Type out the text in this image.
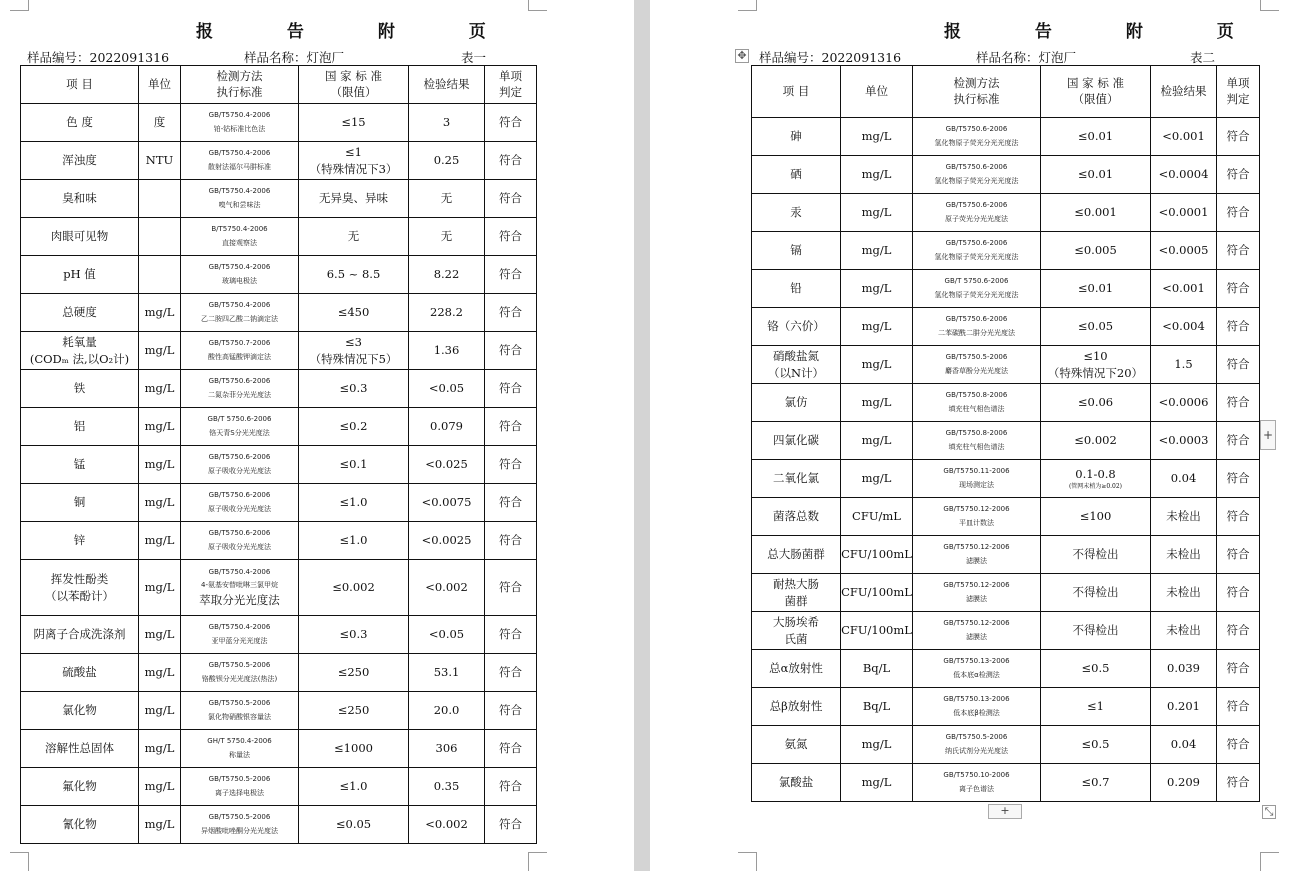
报 告 附 页
样品编号：2022091316	样品名称：灯泡厂	表一
项 目	单位	检测方法
执行标准	国 家 标 准
（限值）	检验结果	单项
判定

色 度	度	GB/T5750.4-2006
铂-钴标准比色法	≤15	3	符合

浑浊度	NTU	GB/T5750.4-2006
散射法福尔马肼标准	≤1
（特殊情况下3）	0.25	符合

臭和味		GB/T5750.4-2006
嗅气和尝味法	无异臭、异味	无	符合

肉眼可见物		B/T5750.4-2006
直接观察法	无	无	符合

pH 值		GB/T5750.4-2006
玻璃电极法	6.5 ~ 8.5	8.22	符合

总硬度	mg/L	GB/T5750.4-2006
乙二胺四乙酸二钠滴定法	≤450	228.2	符合

耗氧量
(CODₘ 法,以O₂计)	mg/L	GB/T5750.7-2006
酸性高锰酸钾滴定法	≤3
（特殊情况下5）	1.36	符合

铁	mg/L	GB/T5750.6-2006
二氮杂菲分光光度法	≤0.3	<0.05	符合

铝	mg/L	GB/T 5750.6-2006
铬天青S分光光度法	≤0.2	0.079	符合

锰	mg/L	GB/T5750.6-2006
原子吸收分光光度法	≤0.1	<0.025	符合

铜	mg/L	GB/T5750.6-2006
原子吸收分光光度法	≤1.0	<0.0075	符合

锌	mg/L	GB/T5750.6-2006
原子吸收分光光度法	≤1.0	<0.0025	符合

挥发性酚类
（以苯酚计）	mg/L	GB/T5750.4-2006
4-氨基安替吡啉三氯甲烷
萃取分光光度法	≤0.002	<0.002	符合

阴离子合成洗涤剂	mg/L	GB/T5750.4-2006
亚甲蓝分光光度法	≤0.3	<0.05	符合

硫酸盐	mg/L	GB/T5750.5-2006
铬酸钡分光光度法(热法)	≤250	53.1	符合

氯化物	mg/L	GB/T5750.5-2006
氯化物硝酸银容量法	≤250	20.0	符合

溶解性总固体	mg/L	GH/T 5750.4-2006
称量法	≤1000	306	符合

氟化物	mg/L	GB/T5750.5-2006
离子选择电极法	≤1.0	0.35	符合

氰化物	mg/L	GB/T5750.5-2006
异烟酸吡唑酮分光光度法	≤0.05	<0.002	符合
报 告 附 页
样品编号：2022091316	样品名称：灯泡厂	表二
项 目	单位	检测方法
执行标准	国 家 标 准
（限值）	检验结果	单项
判定

砷	mg/L	GB/T5750.6-2006
氢化物原子荧光分光光度法	≤0.01	<0.001	符合

硒	mg/L	GB/T5750.6-2006
氢化物原子荧光分光光度法	≤0.01	<0.0004	符合

汞	mg/L	GB/T5750.6-2006
原子荧光分光光度法	≤0.001	<0.0001	符合

镉	mg/L	GB/T5750.6-2006
氢化物原子荧光分光光度法	≤0.005	<0.0005	符合

铅	mg/L	GB/T 5750.6-2006
氢化物原子荧光分光光度法	≤0.01	<0.001	符合

铬（六价）	mg/L	GB/T5750.6-2006
二苯碳酰二肼分光光度法	≤0.05	<0.004	符合

硝酸盐氮
（以N计）	mg/L	GB/T5750.5-2006
麝香草酚分光光度法	≤10
（特殊情况下20）	1.5	符合

氯仿	mg/L	GB/T5750.8-2006
填充柱气相色谱法	≤0.06	<0.0006	符合

四氯化碳	mg/L	GB/T5750.8-2006
填充柱气相色谱法	≤0.002	<0.0003	符合

二氧化氯	mg/L	GB/T5750.11-2006
现场测定法	0.1-0.8
(管网末梢为≥0.02)	0.04	符合

菌落总数	CFU/mL	GB/T5750.12-2006
平皿计数法	≤100	未检出	符合

总大肠菌群	CFU/100mL	GB/T5750.12-2006
滤膜法	不得检出	未检出	符合

耐热大肠
菌群	CFU/100mL	GB/T5750.12-2006
滤膜法	不得检出	未检出	符合

大肠埃希
氏菌	CFU/100mL	GB/T5750.12-2006
滤膜法	不得检出	未检出	符合

总α放射性	Bq/L	GB/T5750.13-2006
低本底α检测法	≤0.5	0.039	符合

总β放射性	Bq/L	GB/T5750.13-2006
低本底β检测法	≤1	0.201	符合

氨氮	mg/L	GB/T5750.5-2006
纳氏试剂分光光度法	≤0.5	0.04	符合

氯酸盐	mg/L	GB/T5750.10-2006
离子色谱法	≤0.7	0.209	符合
✥
+
+	⤡
